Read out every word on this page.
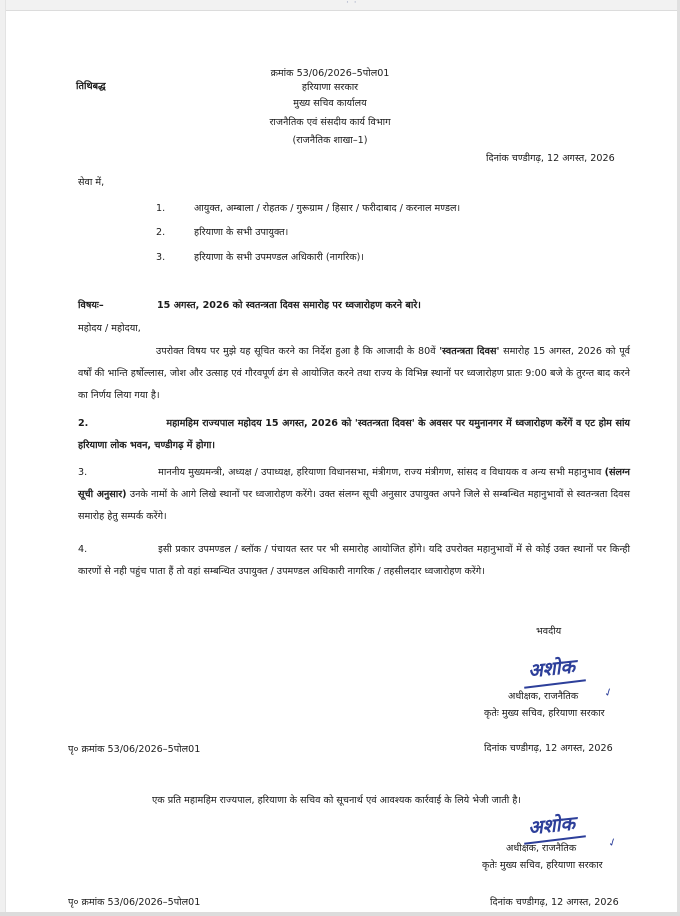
· ·
तिथिबद्ध
क्रमांक 53/06/2026–5पोल01
हरियाणा सरकार
मुख्य सचिव कार्यालय
राजनैतिक एवं संसदीय कार्य विभाग
(राजनैतिक शाखा–1)
दिनांक चण्डीगढ़, 12 अगस्त, 2026
सेवा में,
1.	आयुक्त, अम्बाला / रोहतक / गुरूग्राम / हिसार / फरीदाबाद / करनाल मण्डल।
2.	हरियाणा के सभी उपायुक्त।
3.	हरियाणा के सभी उपमण्डल अधिकारी (नागरिक)।
विषयः–	15 अगस्त, 2026 को स्वतन्त्रता दिवस समारोह पर ध्वजारोहण करने बारे।
महोदय / महोदया,
उपरोक्त विषय पर मुझे यह सूचित करने का निर्देश हुआ है कि आजादी के 80वें 'स्वतन्त्रता दिवस' समारोह 15 अगस्त, 2026 को पूर्व वर्षों की भान्ति हर्षोल्लास, जोश और उत्साह एवं गौरवपूर्ण ढंग से आयोजित करने तथा राज्य के विभिन्न स्थानों पर ध्वजारोहण प्रातः 9:00 बजे के तुरन्त बाद करने का निर्णय लिया गया है।
2.	महामहिम राज्यपाल महोदय 15 अगस्त, 2026 को 'स्वतन्त्रता दिवस' के अवसर पर यमुनानगर में ध्वजारोहण करेंगें व एट होम सांय हरियाणा लोक भवन, चण्डीगढ़ में होगा।
3.	माननीय मुख्यमन्त्री, अध्यक्ष / उपाध्यक्ष, हरियाणा विधानसभा, मंत्रीगण, राज्य मंत्रीगण, सांसद व विधायक व अन्य सभी महानुभाव (संलग्न सूची अनुसार) उनके नामों के आगे लिखे स्थानों पर ध्वजारोहण करेंगे। उक्त संलग्न सूची अनुसार उपायुक्त अपने जिले से सम्बन्धित महानुभावों से स्वतन्त्रता दिवस समारोह हेतु सम्पर्क करेंगे।
4.	इसी प्रकार उपमण्डल / ब्लॉक / पंचायत स्तर पर भी समारोह आयोजित होंगे। यदि उपरोक्त महानुभावों में से कोई उक्त स्थानों पर किन्ही कारणों से नही पहुंच पाता हैं तो वहां सम्बन्धित उपायुक्त / उपमण्डल अधिकारी नागरिक / तहसीलदार ध्वजारोहण करेंगे।
भवदीय
अशोक
✓
अधीक्षक, राजनैतिक
कृतेः मुख्य सचिव, हरियाणा सरकार
पृ० क्रमांक 53/06/2026–5पोल01	दिनांक चण्डीगढ़, 12 अगस्त, 2026
एक प्रति महामहिम राज्यपाल, हरियाणा के सचिव को सूचनार्थ एवं आवश्यक कार्रवाई के लिये भेजी जाती है।
अशोक
✓
अधीक्षक, राजनैतिक
कृतेः मुख्य सचिव, हरियाणा सरकार
पृ० क्रमांक 53/06/2026–5पोल01	दिनांक चण्डीगढ़, 12 अगस्त, 2026
